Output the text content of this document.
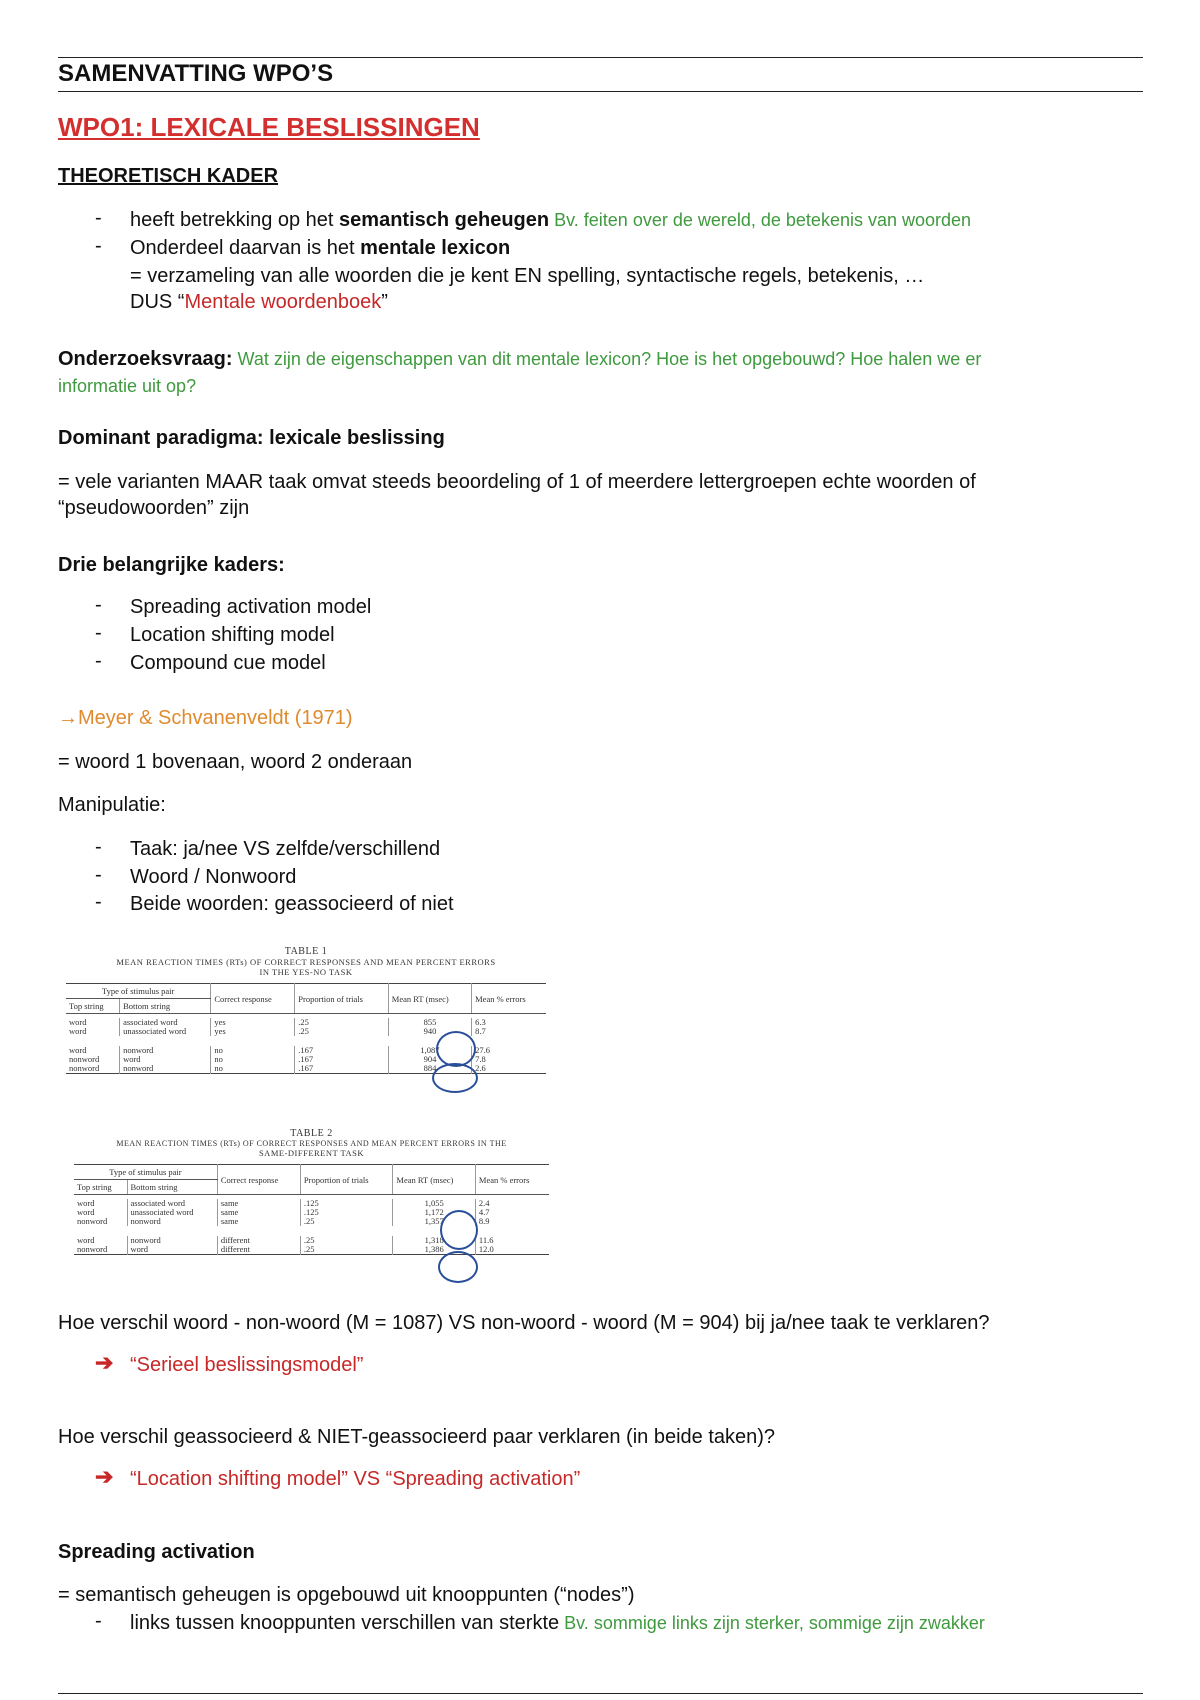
SAMENVATTING WPO’S
WPO1: LEXICALE BESLISSINGEN
THEORETISCH KADER
- heeft betrekking op het semantisch geheugen Bv. feiten over de wereld, de betekenis van woorden
- Onderdeel daarvan is het mentale lexicon
= verzameling van alle woorden die je kent EN spelling, syntactische regels, betekenis, …
DUS “Mentale woordenboek”
Onderzoeksvraag: Wat zijn de eigenschappen van dit mentale lexicon? Hoe is het opgebouwd? Hoe halen we er
informatie uit op?
Dominant paradigma: lexicale beslissing
= vele varianten MAAR taak omvat steeds beoordeling of 1 of meerdere lettergroepen echte woorden of
“pseudowoorden” zijn
Drie belangrijke kaders:
- Spreading activation model
- Location shifting model
- Compound cue model
→Meyer & Schvanenveldt (1971)
= woord 1 bovenaan, woord 2 onderaan
Manipulatie:
- Taak: ja/nee VS zelfde/verschillend
- Woord / Nonwoord
- Beide woorden: geassocieerd of niet
TABLE 1
MEAN REACTION TIMES (RTs) OF CORRECT RESPONSES AND MEAN PERCENT ERRORS
IN THE YES-NO TASK
Type of stimulus pair		Correct response	Proportion of trials	Mean RT (msec)	Mean % errors
Top string	Bottom string				

word	associated word	yes	.25	855	6.3
word	unassociated word	yes	.25	940	8.7

word	nonword	no	.167	1,087	27.6
nonword	word	no	.167	904	7.8
nonword	nonword	no	.167	884	2.6
TABLE 2
MEAN REACTION TIMES (RTs) OF CORRECT RESPONSES AND MEAN PERCENT ERRORS IN THE
SAME-DIFFERENT TASK
Type of stimulus pair		Correct response	Proportion of trials	Mean RT (msec)	Mean % errors
Top string	Bottom string				

word	associated word	same	.125	1,055	2.4
word	unassociated word	same	.125	1,172	4.7
nonword	nonword	same	.25	1,357	8.9

word	nonword	different	.25	1,318	11.6
nonword	word	different	.25	1,386	12.0
Hoe verschil woord - non-woord (M = 1087) VS non-woord - woord (M = 904) bij ja/nee taak te verklaren?
➔ “Serieel beslissingsmodel”
Hoe verschil geassocieerd & NIET-geassocieerd paar verklaren (in beide taken)?
➔ “Location shifting model” VS “Spreading activation”
Spreading activation
= semantisch geheugen is opgebouwd uit knooppunten (“nodes”)
- links tussen knooppunten verschillen van sterkte Bv. sommige links zijn sterker, sommige zijn zwakker
